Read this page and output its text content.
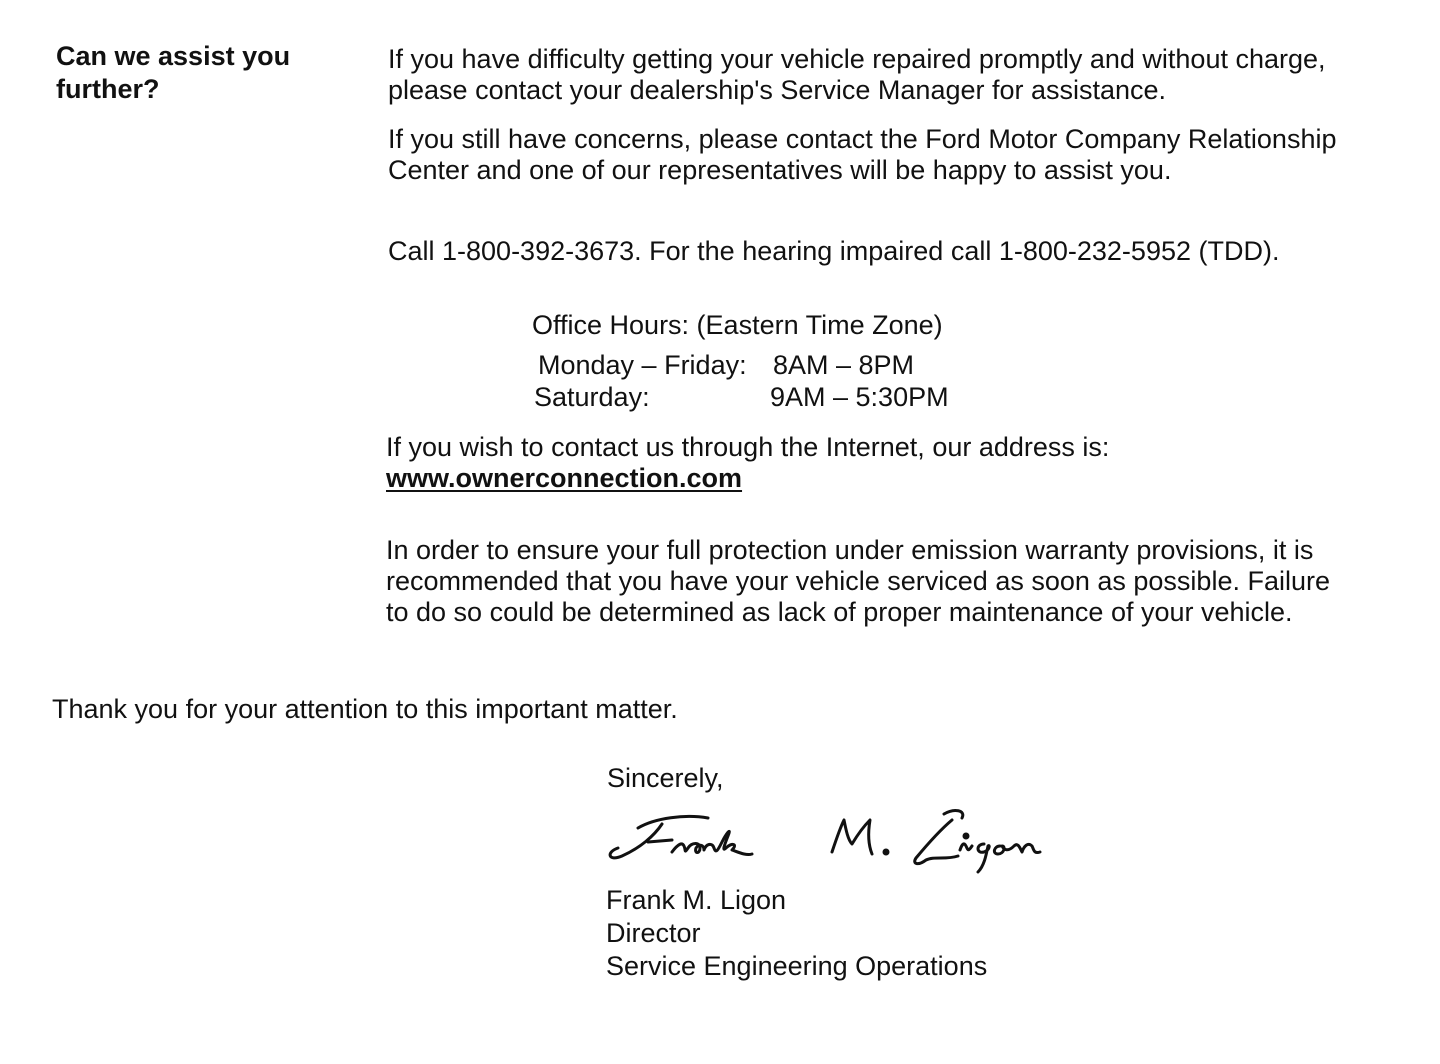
Can we assist you further?

If you have difficulty getting your vehicle repaired promptly and without charge, please contact your dealership's Service Manager for assistance.

If you still have concerns, please contact the Ford Motor Company Relationship Center and one of our representatives will be happy to assist you.

Call 1-800-392-3673. For the hearing impaired call 1-800-232-5952 (TDD).

Office Hours: (Eastern Time Zone)
Monday – Friday: 8AM – 8PM
Saturday:	9AM – 5:30PM
If you wish to contact us through the Internet, our address is:
www.ownerconnection.com

In order to ensure your full protection under emission warranty provisions, it is recommended that you have your vehicle serviced as soon as possible. Failure to do so could be determined as lack of proper maintenance of your vehicle.

Thank you for your attention to this important matter.

Sincerely,

Frank M. Ligon
Director
Service Engineering Operations
